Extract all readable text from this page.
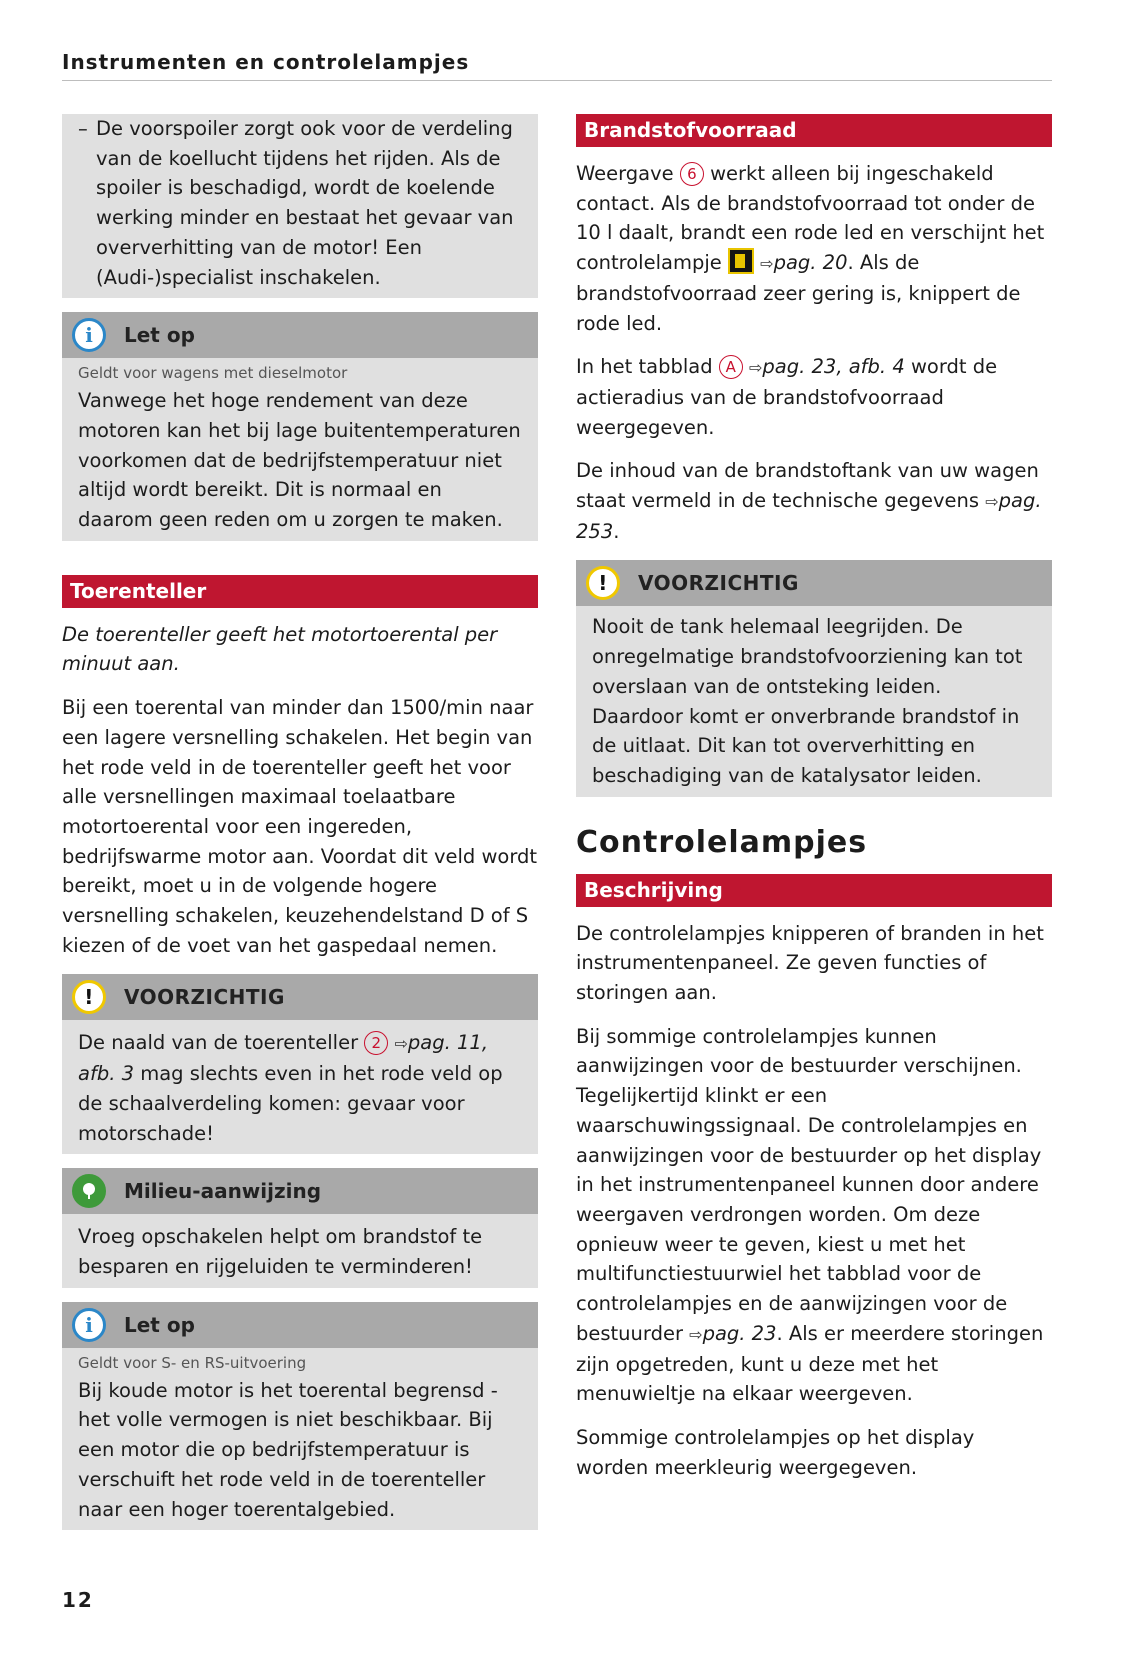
Instrumenten en controlelampjes
– De voorspoiler zorgt ook voor de verdeling van de koellucht tijdens het rijden. Als de spoiler is beschadigd, wordt de koelende werking minder en bestaat het gevaar van oververhitting van de motor! Een (Audi-)specialist inschakelen.
i	Let op
Geldt voor wagens met dieselmotor
Vanwege het hoge rendement van deze motoren kan het bij lage buitentemperaturen voorkomen dat de bedrijfstemperatuur niet altijd wordt bereikt. Dit is normaal en daarom geen reden om u zorgen te maken.
Toerenteller

De toerenteller geeft het motortoerental per minuut aan.

Bij een toerental van minder dan 1500/min naar een lagere versnelling schakelen. Het begin van het rode veld in de toerenteller geeft het voor alle versnellingen maximaal toelaatbare motortoerental voor een ingereden, bedrijfswarme motor aan. Voordat dit veld wordt bereikt, moet u in de volgende hogere versnelling schakelen, keuzehendelstand D of S kiezen of de voet van het gaspedaal nemen.

!	VOORZICHTIG
De naald van de toerenteller 2 ⇨pag. 11, afb. 3 mag slechts even in het rode veld op de schaalverdeling komen: gevaar voor motorschade!
Milieu-aanwijzing
Vroeg opschakelen helpt om brandstof te besparen en rijgeluiden te verminderen!
i	Let op
Geldt voor S- en RS-uitvoering
Bij koude motor is het toerental begrensd - het volle vermogen is niet beschikbaar. Bij een motor die op bedrijfstemperatuur is verschuift het rode veld in de toerenteller naar een hoger toerentalgebied.
Brandstofvoorraad

Weergave 6 werkt alleen bij ingeschakeld contact. Als de brandstofvoorraad tot onder de 10 l daalt, brandt een rode led en verschijnt het controlelampje ⇨pag. 20. Als de brandstofvoorraad zeer gering is, knippert de rode led.

In het tabblad A ⇨pag. 23, afb. 4 wordt de actieradius van de brandstofvoorraad weergegeven.

De inhoud van de brandstoftank van uw wagen staat vermeld in de technische gegevens ⇨pag. 253.

!	VOORZICHTIG
Nooit de tank helemaal leegrijden. De onregelmatige brandstofvoorziening kan tot overslaan van de ontsteking leiden. Daardoor komt er onverbrande brandstof in de uitlaat. Dit kan tot oververhitting en beschadiging van de katalysator leiden.
Controlelampjes
Beschrijving

De controlelampjes knipperen of branden in het instrumentenpaneel. Ze geven functies of storingen aan.

Bij sommige controlelampjes kunnen aanwijzingen voor de bestuurder verschijnen. Tegelijkertijd klinkt er een waarschuwingssignaal. De controlelampjes en aanwijzingen voor de bestuurder op het display in het instrumentenpaneel kunnen door andere weergaven verdrongen worden. Om deze opnieuw weer te geven, kiest u met het multifunctiestuurwiel het tabblad voor de controlelampjes en de aanwijzingen voor de bestuurder ⇨pag. 23. Als er meerdere storingen zijn opgetreden, kunt u deze met het menuwieltje na elkaar weergeven.

Sommige controlelampjes op het display worden meerkleurig weergegeven.

12
